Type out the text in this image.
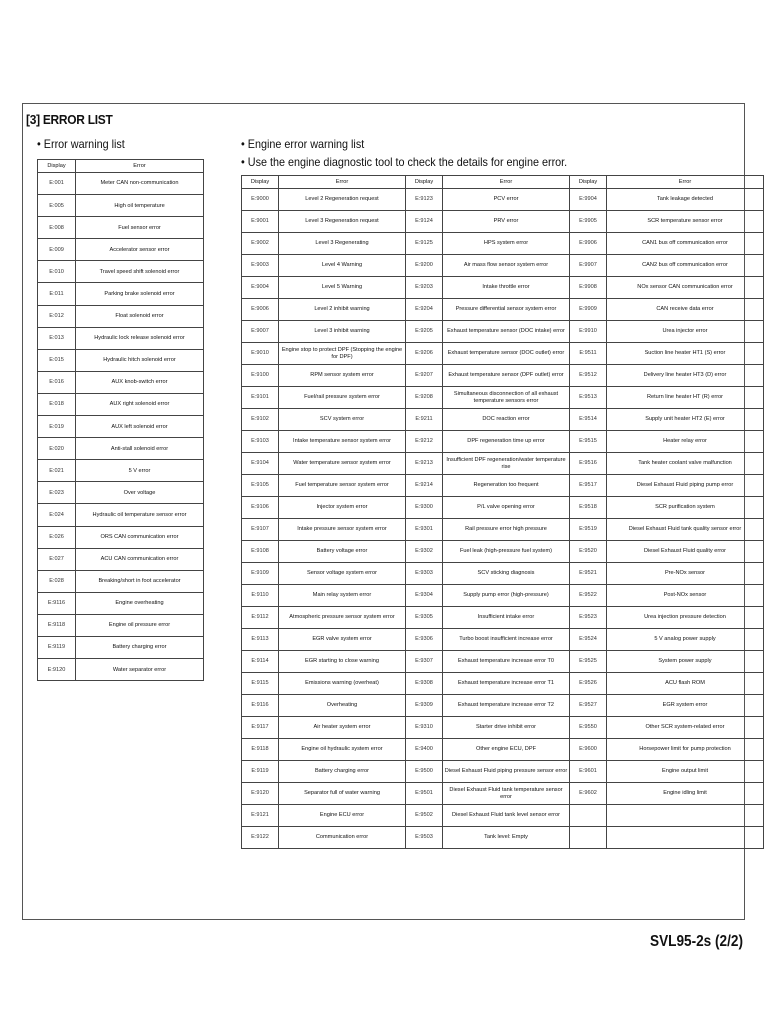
[3] ERROR LIST
• Error warning list	• Engine error warning list
• Use the engine diagnostic tool to check the details for engine error.
Display	Error
E:001	Meter CAN non-communication
E:005	High oil temperature
E:008	Fuel sensor error
E:009	Accelerator sensor error
E:010	Travel speed shift solenoid error
E:011	Parking brake solenoid error
E:012	Float solenoid error
E:013	Hydraulic lock release solenoid error
E:015	Hydraulic hitch solenoid error
E:016	AUX knob-switch error
E:018	AUX right solenoid error
E:019	AUX left solenoid error
E:020	Anti-stall solenoid error
E:021	5 V error
E:023	Over voltage
E:024	Hydraulic oil temperature sensor error
E:026	ORS CAN communication error
E:027	ACU CAN communication error
E:028	Breaking/short in foot accelerator
E:9116	Engine overheating
E:9118	Engine oil pressure error
E:9119	Battery charging error
E:9120	Water separator error
Display	Error	Display	Error	Display	Error
E:9000	Level 2 Regeneration request	E:9123	PCV error	E:9904	Tank leakage detected
E:9001	Level 3 Regeneration request	E:9124	PRV error	E:9905	SCR temperature sensor error
E:9002	Level 3 Regenerating	E:9125	HPS system error	E:9906	CAN1 bus off communication error
E:9003	Level 4 Warning	E:9200	Air mass flow sensor system error	E:9907	CAN2 bus off communication error
E:9004	Level 5 Warning	E:9203	Intake throttle error	E:9908	NOx sensor CAN communication error
E:9006	Level 2 inhibit warning	E:9204	Pressure differential sensor system error	E:9909	CAN receive data error
E:9007	Level 3 inhibit warning	E:9205	Exhaust temperature sensor (DOC intake) error	E:9910	Urea injector error
E:9010	Engine stop to protect DPF (Stopping the engine for DPF)	E:9206	Exhaust temperature sensor (DOC outlet) error	E:9511	Suction line heater HT1 (S) error
E:9100	RPM sensor system error	E:9207	Exhaust temperature sensor (DPF outlet) error	E:9512	Delivery line heater HT3 (D) error
E:9101	Fuel/rail pressure system error	E:9208	Simultaneous disconnection of all exhaust temperature sensors error	E:9513	Return line heater HT (R) error
E:9102	SCV system error	E:9211	DOC reaction error	E:9514	Supply unit heater HT2 (E) error
E:9103	Intake temperature sensor system error	E:9212	DPF regeneration time up error	E:9515	Heater relay error
E:9104	Water temperature sensor system error	E:9213	Insufficient DPF regeneration/water temperature rise	E:9516	Tank heater coolant valve malfunction
E:9105	Fuel temperature sensor system error	E:9214	Regeneration too frequent	E:9517	Diesel Exhaust Fluid piping pump error
E:9106	Injector system error	E:9300	P/L valve opening error	E:9518	SCR purification system
E:9107	Intake pressure sensor system error	E:9301	Rail pressure error high pressure	E:9519	Diesel Exhaust Fluid tank quality sensor error
E:9108	Battery voltage error	E:9302	Fuel leak (high-pressure fuel system)	E:9520	Diesel Exhaust Fluid quality error
E:9109	Sensor voltage system error	E:9303	SCV sticking diagnosis	E:9521	Pre-NOx sensor
E:9110	Main relay system error	E:9304	Supply pump error (high-pressure)	E:9522	Post-NOx sensor
E:9112	Atmospheric pressure sensor system error	E:9305	Insufficient intake error	E:9523	Urea injection pressure detection
E:9113	EGR valve system error	E:9306	Turbo boost insufficient increase error	E:9524	5 V analog power supply
E:9114	EGR starting to close warning	E:9307	Exhaust temperature increase error T0	E:9525	System power supply
E:9115	Emissions warning (overheat)	E:9308	Exhaust temperature increase error T1	E:9526	ACU flash ROM
E:9116	Overheating	E:9309	Exhaust temperature increase error T2	E:9527	EGR system error
E:9117	Air heater system error	E:9310	Starter drive inhibit error	E:9550	Other SCR system-related error
E:9118	Engine oil hydraulic system error	E:9400	Other engine ECU, DPF	E:9600	Horsepower limit for pump protection
E:9119	Battery charging error	E:9500	Diesel Exhaust Fluid piping pressure sensor error	E:9601	Engine output limit
E:9120	Separator full of water warning	E:9501	Diesel Exhaust Fluid tank temperature sensor error	E:9602	Engine idling limit
E:9121	Engine ECU error	E:9502	Diesel Exhaust Fluid tank level sensor error		
E:9122	Communication error	E:9503	Tank level: Empty		
SVL95-2s (2/2)
